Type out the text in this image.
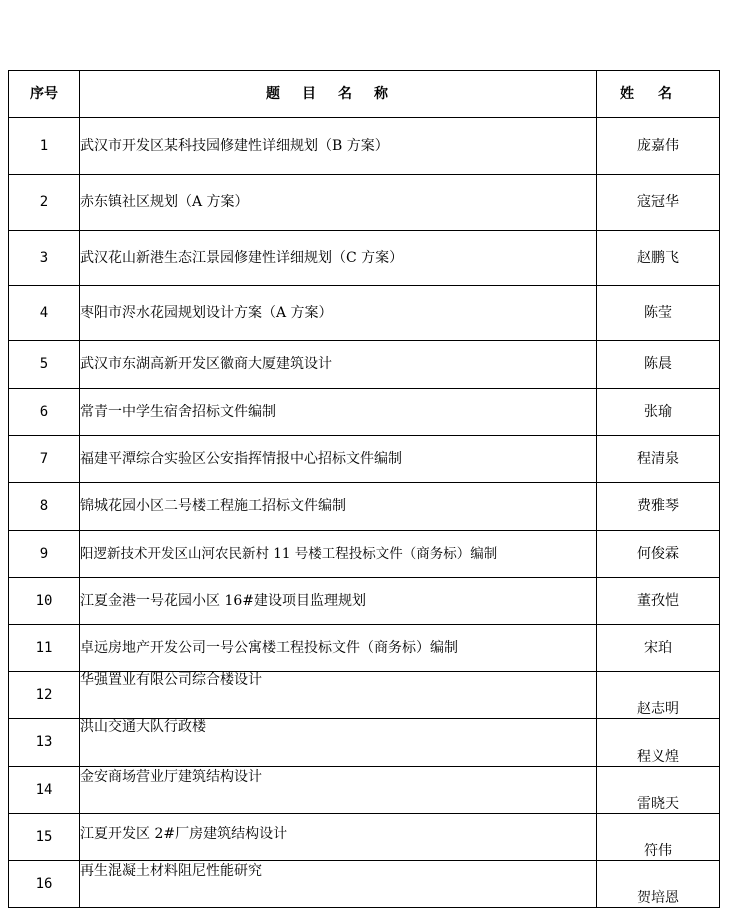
序号	题目名称	姓名
1	武汉市开发区某科技园修建性详细规划（B 方案）	庞嘉伟
2	赤东镇社区规划（A 方案）	寇冠华
3	武汉花山新港生态江景园修建性详细规划（C 方案）	赵鹏飞
4	枣阳市浕水花园规划设计方案（A 方案）	陈莹
5	武汉市东湖高新开发区徽商大厦建筑设计	陈晨
6	常青一中学生宿舍招标文件编制	张瑜
7	福建平潭综合实验区公安指挥情报中心招标文件编制	程清泉
8	锦城花园小区二号楼工程施工招标文件编制	费雅琴
9	阳逻新技术开发区山河农民新村 11 号楼工程投标文件（商务标）编制	何俊霖
10	江夏金港一号花园小区 16#建设项目监理规划	董孜恺
11	卓远房地产开发公司一号公寓楼工程投标文件（商务标）编制	宋珀
12	华强置业有限公司综合楼设计	赵志明
13	洪山交通大队行政楼	程义煌
14	金安商场营业厅建筑结构设计	雷晓天
15	江夏开发区 2#厂房建筑结构设计	符伟
16	再生混凝土材料阻尼性能研究	贺培恩
